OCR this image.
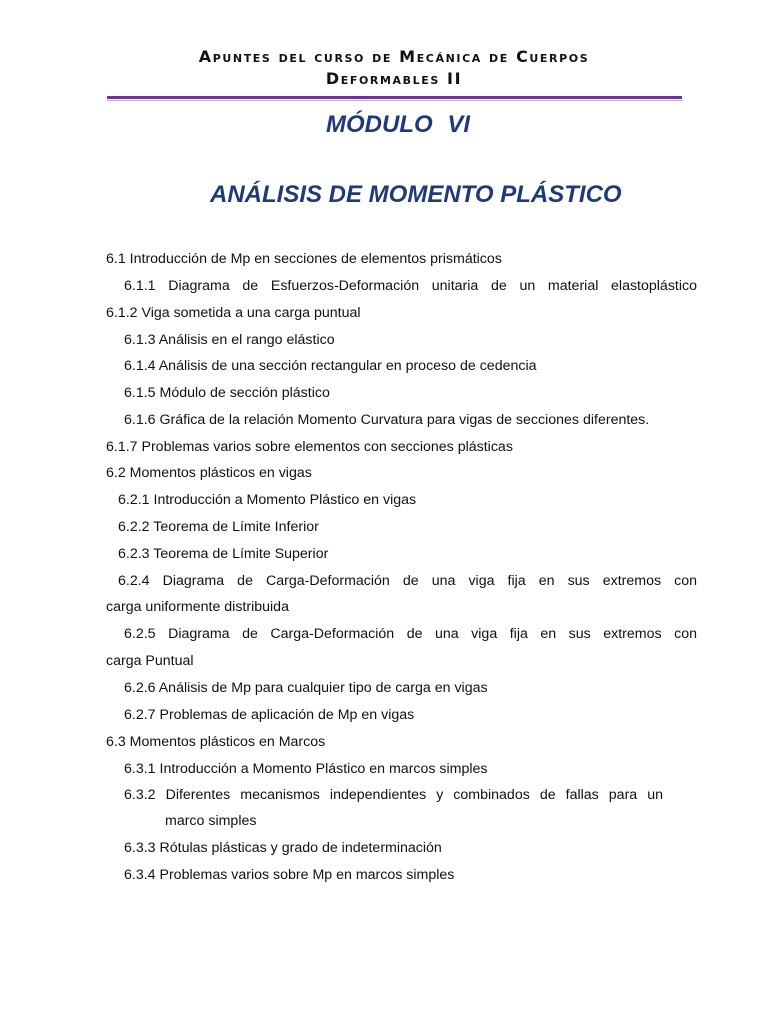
Apuntes del curso de Mecánica de Cuerpos
Deformables II
MÓDULO VI
ANÁLISIS DE MOMENTO PLÁSTICO
6.1 Introducción de Mp en secciones de elementos prismáticos
6.1.1 Diagrama de Esfuerzos-Deformación unitaria de un material elastoplástico
6.1.2 Viga sometida a una carga puntual
6.1.3 Análisis en el rango elástico
6.1.4 Análisis de una sección rectangular en proceso de cedencia
6.1.5 Módulo de sección plástico
6.1.6 Gráfica de la relación Momento Curvatura para vigas de secciones diferentes.
6.1.7 Problemas varios sobre elementos con secciones plásticas
6.2 Momentos plásticos en vigas
6.2.1 Introducción a Momento Plástico en vigas
6.2.2 Teorema de Límite Inferior
6.2.3 Teorema de Límite Superior
6.2.4 Diagrama de Carga-Deformación de una viga fija en sus extremos con
carga uniformente distribuida
6.2.5 Diagrama de Carga-Deformación de una viga fija en sus extremos con
carga Puntual
6.2.6 Análisis de Mp para cualquier tipo de carga en vigas
6.2.7 Problemas de aplicación de Mp en vigas
6.3 Momentos plásticos en Marcos
6.3.1 Introducción a Momento Plástico en marcos simples
6.3.2 Diferentes mecanismos independientes y combinados de fallas para un
marco simples
6.3.3 Rótulas plásticas y grado de indeterminación
6.3.4 Problemas varios sobre Mp en marcos simples
